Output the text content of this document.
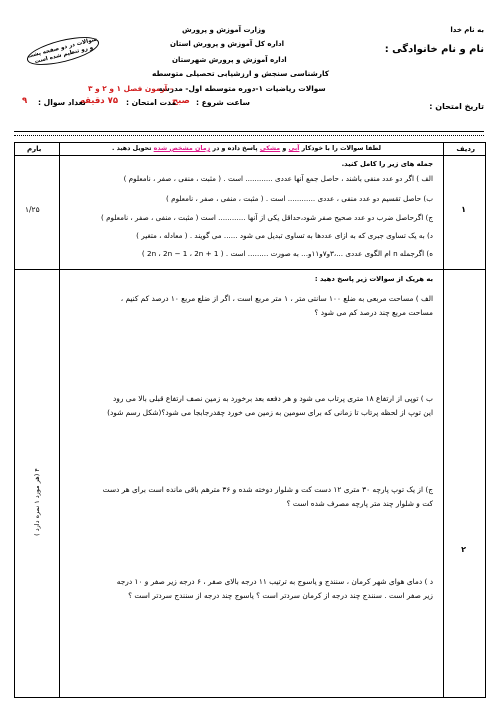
به نام خدا
نام و نام خانوادگی :
تاریخ امتحان :
وزارت آموزش و پرورش
اداره کل آموزش و پرورش استان
اداره آموزش و پرورش شهرستان
کارشناسی سنجش و ارزشیابی تحصیلی متوسطه
سوالات ریاضیات ۱-دوره متوسطه اول- مدرسه
– آزمون فصل ۱ و ۲ و ۳
ساعت شروع :
صبح
مدت امتحان :
۷۵ دقیقه
تعداد سوال :
۹
سوالات در دو صفحه پشت و رو تنظیم شده است
ردیف
بارم	لطفا سوالات را با خودکار آبی و مشکی پاسخ داده و در زمان مشخص شده تحویل دهید .
۱
۱/۲۵
جمله های زیر را کامل کنید.
الف ) اگر دو عدد منفی باشند ، حاصل جمع آنها عددی ............ است . ( مثبت ، منفی ، صفر ، نامعلوم )
ب) حاصل تقسیم دو عدد منفی ، عددی ............ است . ( مثبت ، منفی ، صفر ، نامعلوم )
ج) اگرحاصل ضرب دو عدد صحیح صفر شود،حداقل یکی از آنها ............ است ( مثبت ، منفی ، صفر ، نامعلوم )
د) به یک تساوی جبری که به ازای عددها به تساوی تبدیل می شود ...... می گویند . ( معادله ، متغیر )
ه) اگرجمله n ام الگوی عددی ...،۳و۷و۱۱و... به صورت ......... است . ( 2n ، 2n − 1 ، 2n + 1 )
۲
۴ (هر مورد ۱ نمره دارد )
به هریک از سوالات زیر پاسخ دهید :
الف ) مساحت مربعی به ضلع ۱۰۰ سانتی متر ، ۱ متر مربع است ، اگر از ضلع مربع ۱۰ درصد کم کنیم ،
مساحت مربع چند درصد کم می شود ؟
ب ) توپی از ارتفاع ۱۸ متری پرتاب می شود و هر دفعه بعد برخورد به زمین نصف ارتفاع قبلی بالا می رود
این توپ از لحظه پرتاب تا زمانی که برای سومین به زمین می خورد چقدرجابجا می شود؟(شکل رسم شود)
ج) از یک توپ پارچه ۳۰ متری ۱۲ دست کت و شلوار دوخته شده و ۳۶ مترهم باقی مانده است برای هر دست
کت و شلوار چند متر پارچه مصرف شده است ؟
د ) دمای هوای شهر کرمان ، سنندج و یاسوج به ترتیب ۱۱ درجه بالای صفر ، ۶ درجه زیر صفر و ۱۰ درجه
زیر صفر است . سنندج چند درجه از کرمان سردتر است ؟ یاسوج چند درجه از سنندج سردتر است ؟
